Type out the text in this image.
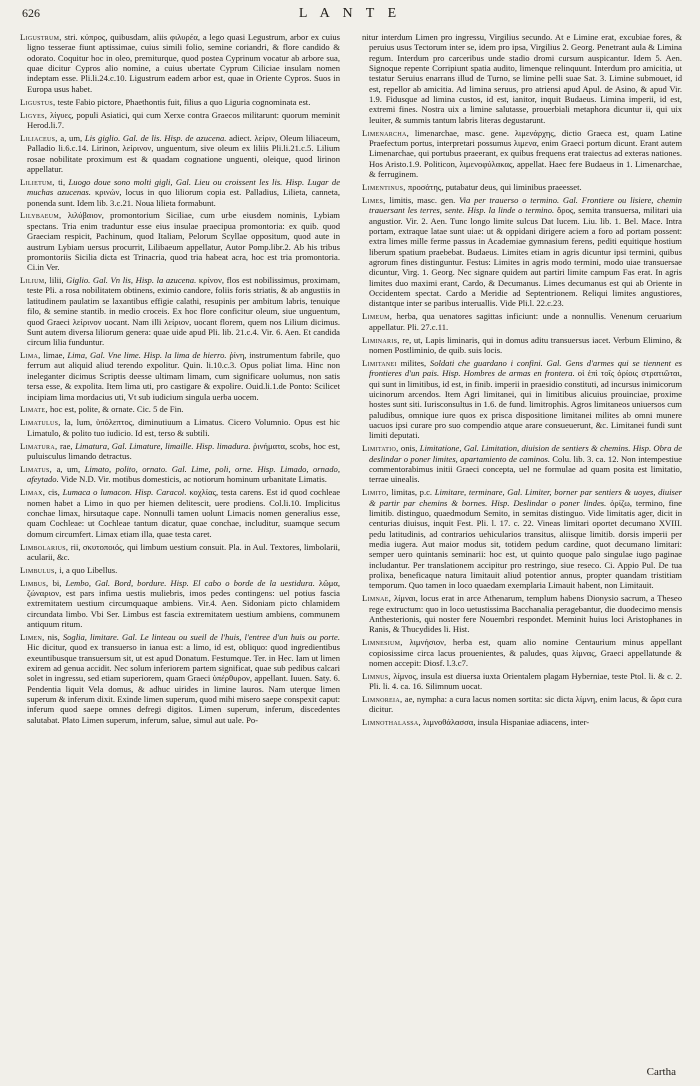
626	L A N T E

Ligustrum, stri. κύπρος, quibusdam, aliis φιλυρέα, a lego quasi Legustrum, arbor ex cuius ligno tesserae fiunt aptissimae, cuius simili folio, semine coriandri, & flore candido & odorato. Coquitur hoc in oleo, premiturque, quod postea Cyprinum vocatur ab arbore sua, quae dicitur Cypros alio nomine, a cuius ubertate Cyprum Ciliciae insulam nomen indeptam esse. Pli.li.24.c.10. Ligustrum eadem arbor est, quae in Oriente Cypros. Suos in Europa usus habet.

Ligustus, teste Fabio pictore, Phaethontis fuit, filius a quo Liguria cognominata est.

Ligyes, λίγυες, populi Asiatici, qui cum Xerxe contra Graecos militarunt: quorum meminit Herod.li.7.

Liliaceus, a, um, Lis giglio. Gal. de lis. Hisp. de azucena. adiect. λείριν, Oleum liliaceum, Palladio li.6.c.14. Lirinon, λείρινον, unguentum, sive oleum ex liliis Pli.li.21.c.5. Lilium rosae nobilitate proximum est & quadam cognatione unguenti, oleique, quod lirinon appellatur.

Lilietum, ti, Luogo doue sono molti gigli, Gal. Lieu ou croissent les lis. Hisp. Lugar de muchas azucenas. κρινών, locus in quo liliorum copia est. Palladius, Lilieta, canneta, ponenda sunt. Idem lib. 3.c.21. Noua lilieta formabunt.

Lilybaeum, λιλύβαιον, promontorium Siciliae, cum urbe eiusdem nominis, Lybiam spectans. Tria enim traduntur esse eius insulae praecipua promontoria: ex quib. quod Graeciam respicit, Pachinum, quod Italiam, Pelorum Scyllae oppositum, quod aute in austrum Lybiam uersus procurrit, Lilibaeum appellatur, Autor Pomp.libr.2. Ab his tribus promontoriis Sicilia dicta est Trinacria, quod tria habeat acra, hoc est tria promontoria. Ci.in Ver.

Lilium, lilii, Giglio. Gal. Vn lis, Hisp. la azucena. κρίνον, flos est nobilissimus, proximam, teste Pli. a rosa nobilitatem obtinens, eximio candore, foliis foris striatis, & ab angustiis in latitudinem paulatim se laxantibus effigie calathi, resupinis per ambitum labris, tenuique filo, & semine stantib. in medio croceis. Ex hoc flore conficitur oleum, siue unguentum, quod Graeci λείρινον uocant. Nam illi λείριον, uocant florem, quem nos Lilium dicimus. Sunt autem diversa liliorum genera: quae uide apud Pli. lib. 21.c.4. Vir. 6. Aen. Et candida circum lilia funduntur.

Lima, limae, Lima, Gal. Vne lime. Hisp. la lima de hierro. ῥίνη, instrumentum fabrile, quo ferrum aut aliquid aliud terendo expolitur. Quin. li.10.c.3. Opus poliat lima. Hinc non ineleganter dicimus Scriptis deesse ultimam limam, cum significare uolumus, non satis tersa esse, & expolita. Item lima uti, pro castigare & expolire. Ouid.li.1.de Ponto: Scilicet incipiam lima mordacius uti, Vt sub iudicium singula uerba uocem.

Limate, hoc est, polite, & ornate. Cic. 5 de Fin.

Limatulus, la, lum, ὑπόλεπτος, diminutiuum a Limatus. Cicero Volumnio. Opus est hic Limatulo, & polito tuo iudicio. Id est, terso & subtili.

Limatura, rae, Limatura, Gal. Limature, limaille. Hisp. limadura. ῥινήματα, scobs, hoc est, puluisculus limando detractus.

Limatus, a, um, Limato, polito, ornato. Gal. Lime, poli, orne. Hisp. Limado, ornado, afeytado. Vide N.D. Vir. motibus domesticis, ac notiorum hominum urbanitate Limatis.

Limax, cis, Lumaca o lumacon. Hisp. Caracol. κοχλίας, testa carens. Est id quod cochleae nomen habet a Limo in quo per hiemen delitescit, uere prodiens. Col.li.10. Implicitus conchae limax, hirsutaque cape. Nonnulli tamen uolunt Limacis nomen generalius esse, quam Cochleae: ut Cochleae tantum dicatur, quae conchae, includitur, suamque secum domum circumfert. Limax etiam illa, quae testa caret.

Limbolarius, rii, σκυτοποιός, qui limbum uestium consuit. Pla. in Aul. Textores, limbolarii, acularii, &c.

Limbulus, i, a quo Libellus.

Limbus, bi, Lembo, Gal. Bord, bordure. Hisp. El cabo o borde de la uestidura. λῶμα, ζώναριον, est pars infima uestis muliebris, imos pedes contingens: uel potius fascia extremitatem uestium circumquaque ambiens. Vir.4. Aen. Sidoniam picto chlamidem circundata limbo. Vbi Ser. Limbus est fascia extremitatem uestium ambiens, communem antiquum ritum.

Limen, nis, Soglia, limitare. Gal. Le linteau ou sueil de l'huis, l'entree d'un huis ou porte. Hic dicitur, quod ex transuerso in ianua est: a limo, id est, obliquo: quod ingredientibus exeuntibusque transuersum sit, ut est apud Donatum. Festumque. Ter. in Hec. Iam ut limen exirem ad genua accidit. Nec solum inferiorem partem significat, quae sub pedibus calcari solet in ingressu, sed etiam superiorem, quam Graeci ὑπέρθυρον, appellant. Iuuen. Saty. 6. Pendentia liquit Vela domus, & adhuc uirides in limine lauros. Nam uterque limen superum & inferum dixit. Exinde limen superum, quod mihi misero saepe conspexit caput: inferum quod saepe omnes defregi digitos. Limen superum, inferum, discedentes salutabat. Plato Limen superum, inferum, salue, simul aut uale. Po-

nitur interdum Limen pro ingressu, Virgilius secundo. At e Limine erat, excubiae fores, & peruius usus Tectorum inter se, idem pro ipsa, Virgilius 2. Georg. Penetrant aula & Limina regum. Interdum pro carceribus unde stadio dromi cursum auspicantur. Idem 5. Aen. Signoque repente Corripiunt spatia audito, limenque relinquunt. Interdum pro amicitia, ut testatur Seruius enarrans illud de Turno, se limine pelli suae Sat. 3. Limine submouet, id est, repellor ab amicitia. Ad limina seruus, pro atriensi apud Apul. de Asino, & apud Vir. 1.9. Fidusque ad limina custos, id est, ianitor, inquit Budaeus. Limina imperii, id est, extremi fines. Nostra uix a limine salutasse, prouerbiali metaphora dicuntur ii, qui uix leuiter, & summis tantum labris literas degustarunt.

Limenarcha, limenarchae, masc. gene. λιμενάρχης, dictio Graeca est, quam Latine Praefectum portus, interpretari possumus λιμενα, enim Graeci portum dicunt. Erant autem Limenarchae, qui portubus praeerant, ex quibus frequens erat traiectus ad exteras nationes. Hos Aristo.1.9. Politicon, λιμενοφύλακας, appellat. Haec fere Budaeus in 1. Limenarchae, & ferruginem.

Limentinus, προσάτης, putabatur deus, qui liminibus praeesset.

Limes, limitis, masc. gen. Via per trauerso o termino. Gal. Frontiere ou lisiere, chemin trauersant les terres, sente. Hisp. la linde o termino. ὅρος, semita transuersa, militari uia angustior. Vir. 2. Aen. Tunc longo limite sulcus Dat lucem. Liu. lib. 1. Bel. Mace. Intra portam, extraque latae sunt uiae: ut & oppidani dirigere aciem a foro ad portam possent: extra limes mille ferme passus in Academiae gymnasium ferens, pediti equitique hostium liberum spatium praebebat. Budaeus. Limites etiam in agris dicuntur ipsi termini, quibus agrorum fines distinguntur. Festus: Limites in agris modo termini, modo uiae transuersae dicuntur, Virg. 1. Georg. Nec signare quidem aut partiri limite campum Fas erat. In agris limites duo maximi erant, Cardo, & Decumanus. Limes decumanus est qui ab Oriente in Occidentem spectat. Cardo a Meridie ad Septentrionem. Reliqui limites angustiores, distantque inter se paribus interuallis. Vide Pli.l. 22.c.23.

Limeum, herba, qua uenatores sagittas inficiunt: unde a nonnullis. Venenum ceruarium appellatur. Pli. 27.c.11.

Liminaris, re, ut, Lapis liminaris, qui in domus aditu transuersus iacet. Verbum Elimino, & nomen Postliminio, de quib. suis locis.

Limitanei milites, Soldati che guardano i confini. Gal. Gens d'armes qui se tiennent es frontieres d'un pais. Hisp. Hombres de armas en frontera. οἱ ἐπὶ τοῖς ὁρίοις στρατιῶται, qui sunt in limitibus, id est, in finib. imperii in praesidio constituti, ad incursus inimicorum uicinorum arcendos. Item Agri limitanei, qui in limitibus alicuius prouinciae, proxime hostes sunt siti. Iurisconsultus in 1.6. de fund. limitrophis. Agros limitaneos uniuersos cum paludibus, omnique iure quos ex prisca dispositione limitanei milites ab omni munere uacuos ipsi curare pro suo compendio atque arare consueuerunt, &c. Limitanei fundi sunt limiti deputati.

Limitatio, onis, Limitatione, Gal. Limitation, diuision de sentiers & chemins. Hisp. Obra de deslindar o poner limites, apartamiento de caminos. Colu. lib. 3. ca. 12. Non intempestiue commentorabimus initii Graeci concepta, uel ne formulae ad quam posita est limitatio, terrae uinealis.

Limito, limitas, p.c. Limitare, terminare, Gal. Limiter, borner par sentiers & uoyes, diuiser & partir par chemins & bornes. Hisp. Deslindar o poner lindes. ὁρίζω, termino, fine limitib. distinguo, quaedmodum Semito, in semitas distinguo. Vide limitatis ager, dicit in centurias diuisus, inquit Fest. Pli. l. 17. c. 22. Vineas limitari oportet decumano XVIII. pedu latitudinis, ad contrarios uehicularios transitus, aliisque limitib. dorsis imperii per media iugera. Aut maior modus sit, totidem pedum cardine, quot decumano limitari: semper uero quintanis seminarii: hoc est, ut quinto quoque palo singulae iugo paginae includantur. Per translationem accipitur pro restringo, siue reseco. Ci. Appio Pul. De tua prolixa, beneficaque natura limitauit aliud potentior annus, propter quandam tristitiam temporum. Quo tamen in loco quaedam exemplaria Limauit habent, non Limitauit.

Limnae, λίμναι, locus erat in arce Athenarum, templum habens Dionysio sacrum, a Theseo rege extructum: quo in loco uetustissima Bacchanalia peragebantur, die duodecimo mensis Anthesterionis, qui noster fere Nouembri respondet. Meminit huius loci Aristophanes in Ranis, & Thucydides li. Hist.

Limnesium, λιμνήσιον, herba est, quam alio nomine Centaurium minus appellant copiosissime circa lacus prouenientes, & paludes, quas λίμνας, Graeci appellatunde & nomen accepit: Diosf. l.3.c7.

Limnus, λίμνος, insula est diuersa iuxta Orientalem plagam Hyberniae, teste Ptol. li. & c. 2. Pli. li. 4. ca. 16. Silimnum uocat.

Limnoreia, ae, nympha: a cura lacus nomen sortita: sic dicta λίμνη, enim lacus, & ὥρα cura dicitur.

Limnothalassa, λιμνοθάλασσα, insula Hispaniae adiacens, inter-

Cartha
